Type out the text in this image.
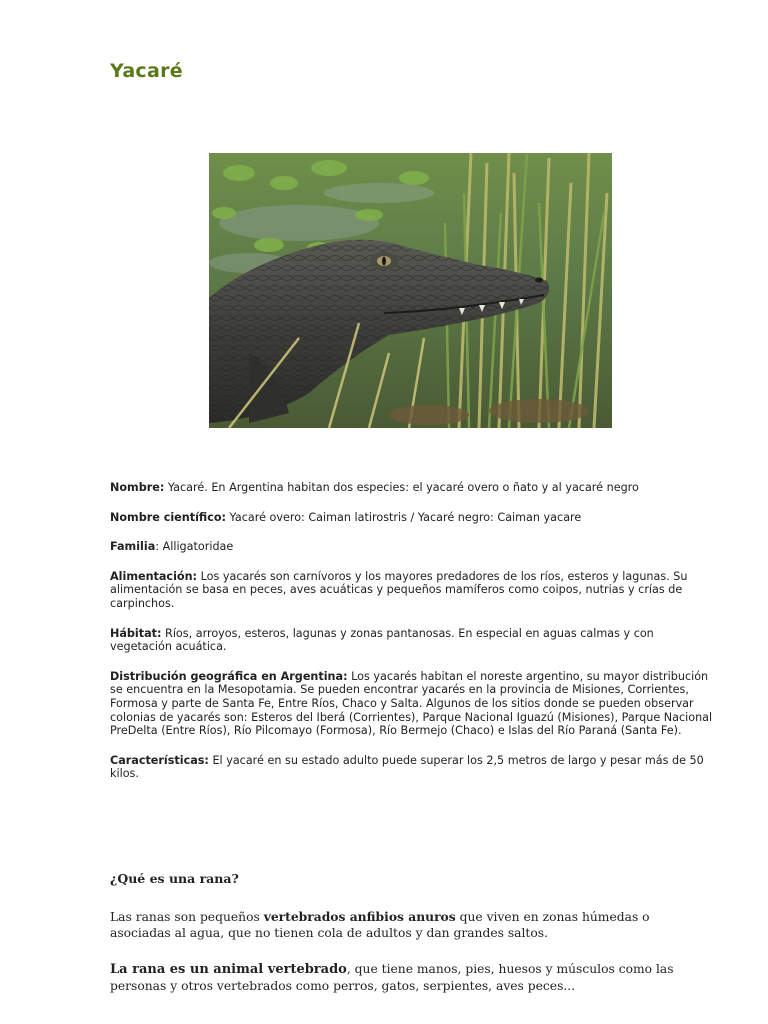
Yacaré

Nombre: Yacaré. En Argentina habitan dos especies: el yacaré overo o ñato y al yacaré negro

Nombre científico: Yacaré overo: Caiman latirostris / Yacaré negro: Caiman yacare

Familia: Alligatoridae

Alimentación: Los yacarés son carnívoros y los mayores predadores de los ríos, esteros y lagunas. Su alimentación se basa en peces, aves acuáticas y pequeños mamíferos como coipos, nutrias y crías de carpinchos.

Hábitat: Ríos, arroyos, esteros, lagunas y zonas pantanosas. En especial en aguas calmas y con vegetación acuática.

Distribución geográfica en Argentina: Los yacarés habitan el noreste argentino, su mayor distribución se encuentra en la Mesopotamia. Se pueden encontrar yacarés en la provincia de Misiones, Corrientes, Formosa y parte de Santa Fe, Entre Ríos, Chaco y Salta. Algunos de los sitios donde se pueden observar colonias de yacarés son: Esteros del Iberá (Corrientes), Parque Nacional Iguazú (Misiones), Parque Nacional PreDelta (Entre Ríos), Río Pilcomayo (Formosa), Río Bermejo (Chaco) e Islas del Río Paraná (Santa Fe).

Características: El yacaré en su estado adulto puede superar los 2,5 metros de largo y pesar más de 50 kilos.

¿Qué es una rana?

Las ranas son pequeños vertebrados anfibios anuros que viven en zonas húmedas o asociadas al agua, que no tienen cola de adultos y dan grandes saltos.

La rana es un animal vertebrado, que tiene manos, pies, huesos y músculos como las personas y otros vertebrados como perros, gatos, serpientes, aves peces...
